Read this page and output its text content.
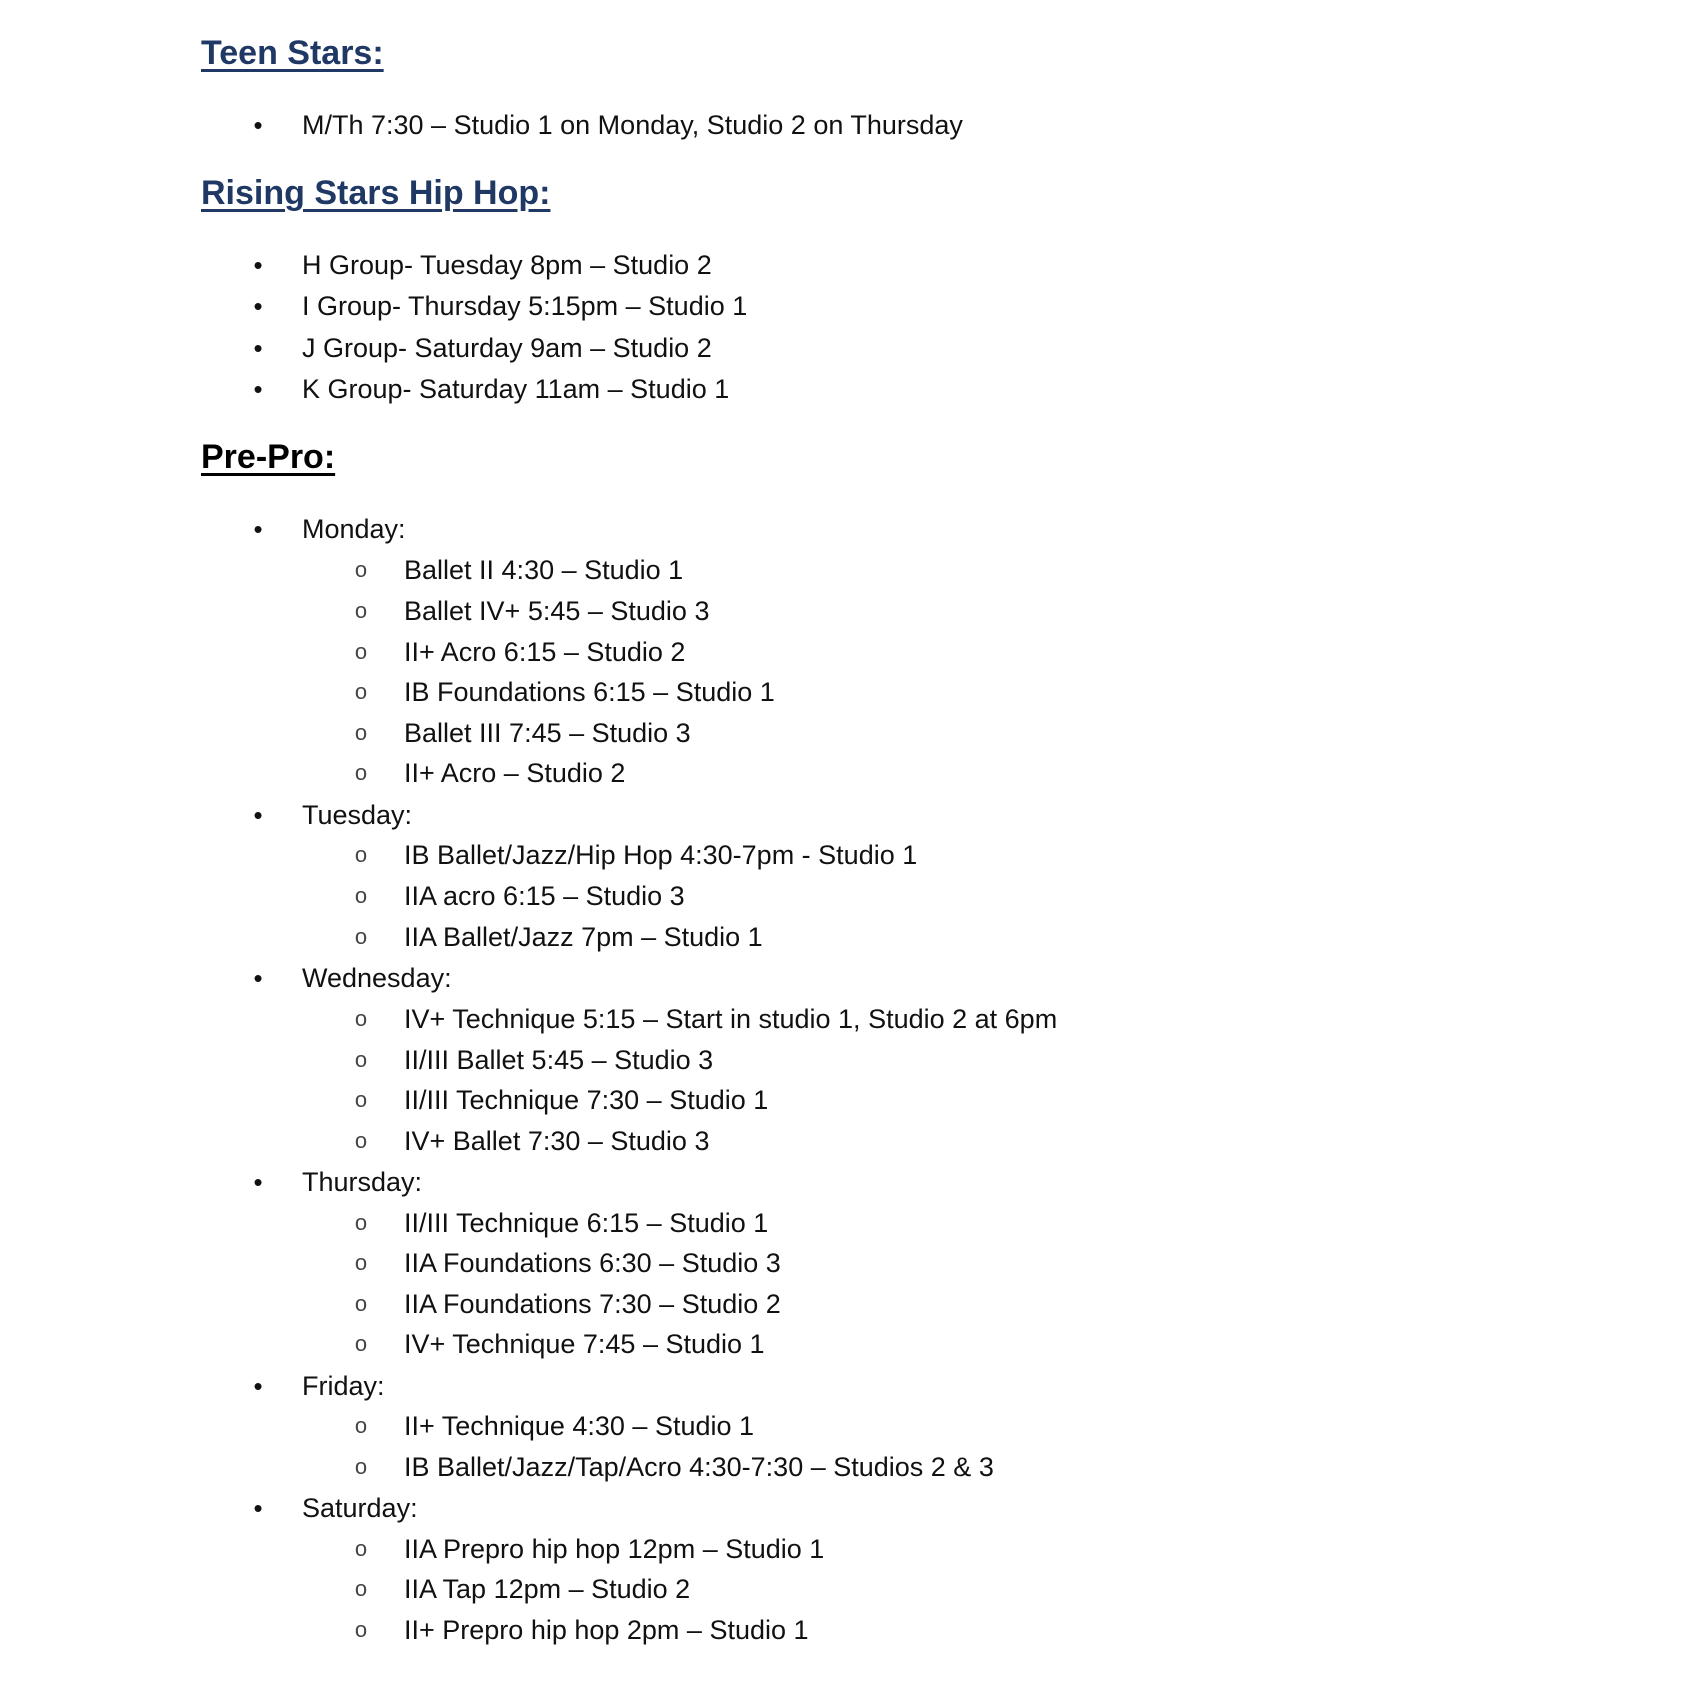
Teen Stars:
• M/Th 7:30 – Studio 1 on Monday, Studio 2 on Thursday
Rising Stars Hip Hop:
• H Group- Tuesday 8pm – Studio 2
• I Group- Thursday 5:15pm – Studio 1
• J Group- Saturday 9am – Studio 2
• K Group- Saturday 11am – Studio 1
Pre-Pro:
• Monday:
o Ballet II 4:30 – Studio 1
o Ballet IV+ 5:45 – Studio 3
o II+ Acro 6:15 – Studio 2
o IB Foundations 6:15 – Studio 1
o Ballet III 7:45 – Studio 3
o II+ Acro – Studio 2
• Tuesday:
o IB Ballet/Jazz/Hip Hop 4:30-7pm - Studio 1
o IIA acro 6:15 – Studio 3
o IIA Ballet/Jazz 7pm – Studio 1
• Wednesday:
o IV+ Technique 5:15 – Start in studio 1, Studio 2 at 6pm
o II/III Ballet 5:45 – Studio 3
o II/III Technique 7:30 – Studio 1
o IV+ Ballet 7:30 – Studio 3
• Thursday:
o II/III Technique 6:15 – Studio 1
o IIA Foundations 6:30 – Studio 3
o IIA Foundations 7:30 – Studio 2
o IV+ Technique 7:45 – Studio 1
• Friday:
o II+ Technique 4:30 – Studio 1
o IB Ballet/Jazz/Tap/Acro 4:30-7:30 – Studios 2 & 3
• Saturday:
o IIA Prepro hip hop 12pm – Studio 1
o IIA Tap 12pm – Studio 2
o II+ Prepro hip hop 2pm – Studio 1
